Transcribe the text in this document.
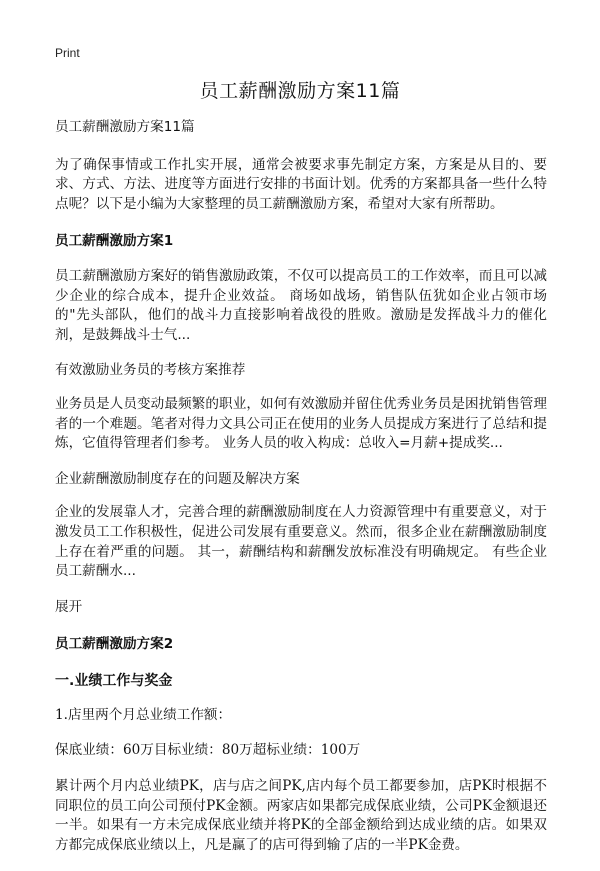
Print
员工薪酬激励方案11篇

员工薪酬激励方案11篇

为了确保事情或工作扎实开展，通常会被要求事先制定方案，方案是从目的、要求、方式、方法、进度等方面进行安排的书面计划。优秀的方案都具备一些什么特点呢？以下是小编为大家整理的员工薪酬激励方案，希望对大家有所帮助。

员工薪酬激励方案1

员工薪酬激励方案好的销售激励政策，不仅可以提高员工的工作效率，而且可以减少企业的综合成本，提升企业效益。 商场如战场，销售队伍犹如企业占领市场的"先头部队，他们的战斗力直接影响着战役的胜败。激励是发挥战斗力的催化剂，是鼓舞战斗士气...

有效激励业务员的考核方案推荐

业务员是人员变动最频繁的职业，如何有效激励并留住优秀业务员是困扰销售管理者的一个难题。笔者对得力文具公司正在使用的业务人员提成方案进行了总结和提炼，它值得管理者们参考。 业务人员的收入构成：总收入=月薪+提成奖...

企业薪酬激励制度存在的问题及解决方案

企业的发展靠人才，完善合理的薪酬激励制度在人力资源管理中有重要意义，对于激发员工工作积极性，促进公司发展有重要意义。然而，很多企业在薪酬激励制度上存在着严重的问题。 其一，薪酬结构和薪酬发放标准没有明确规定。 有些企业员工薪酬水...

展开

员工薪酬激励方案2

一.业绩工作与奖金

1.店里两个月总业绩工作额：

保底业绩：60万目标业绩：80万超标业绩：100万

累计两个月内总业绩PK，店与店之间PK,店内每个员工都要参加，店PK时根据不同职位的员工向公司预付PK金额。两家店如果都完成保底业绩，公司PK金额退还一半。如果有一方未完成保底业绩并将PK的全部金额给到达成业绩的店。如果双方都完成保底业绩以上，凡是赢了的店可得到输了店的一半PK金费。
